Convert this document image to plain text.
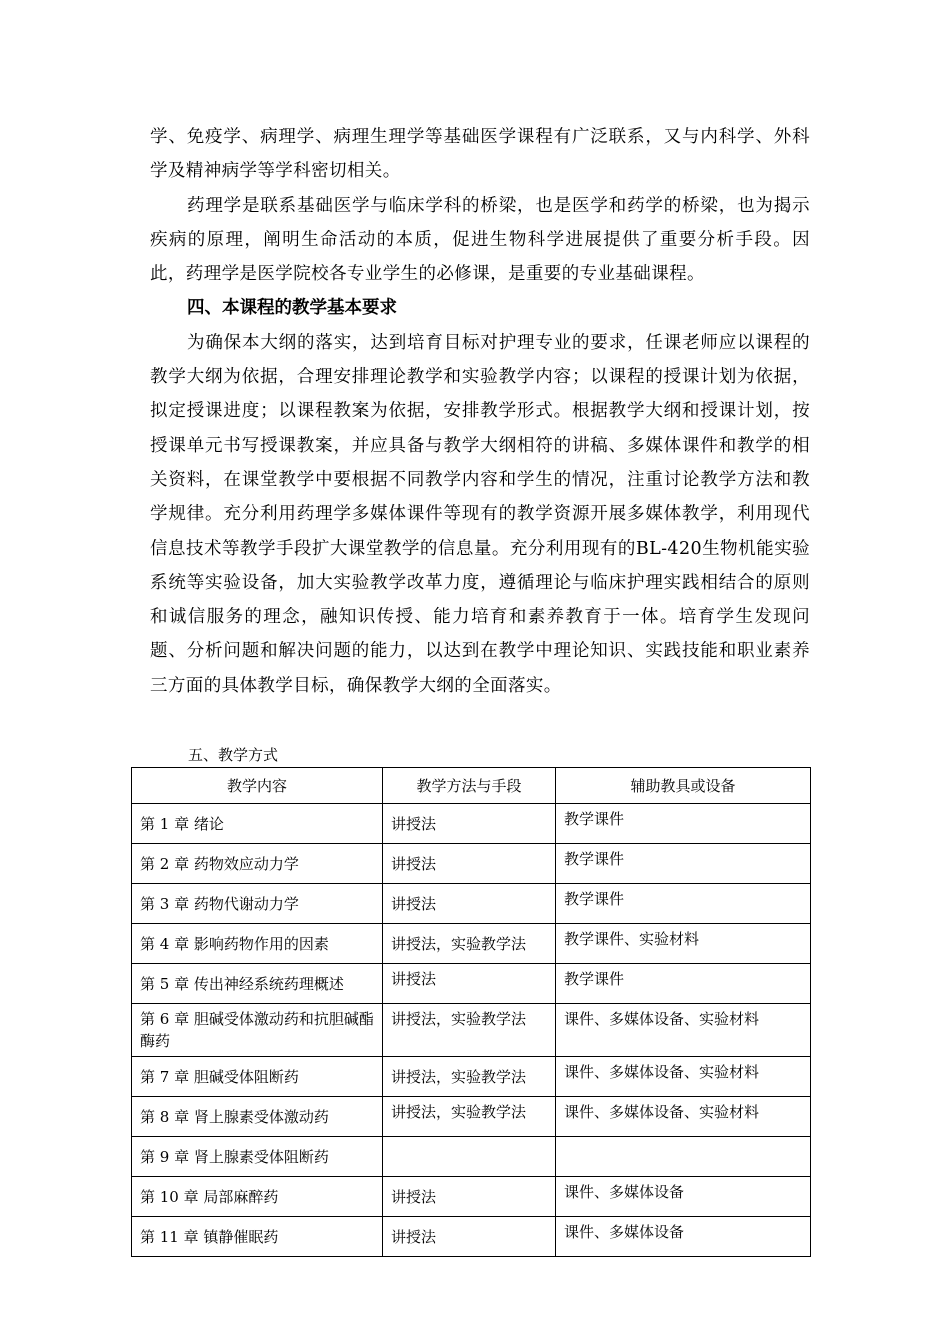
学、免疫学、病理学、病理生理学等基础医学课程有广泛联系，又与内科学、外科学及精神病学等学科密切相关。

药理学是联系基础医学与临床学科的桥梁，也是医学和药学的桥梁，也为揭示疾病的原理，阐明生命活动的本质，促进生物科学进展提供了重要分析手段。因此，药理学是医学院校各专业学生的必修课，是重要的专业基础课程。

四、本课程的教学基本要求

为确保本大纲的落实，达到培育目标对护理专业的要求，任课老师应以课程的教学大纲为依据，合理安排理论教学和实验教学内容；以课程的授课计划为依据，拟定授课进度；以课程教案为依据，安排教学形式。根据教学大纲和授课计划，按授课单元书写授课教案，并应具备与教学大纲相符的讲稿、多媒体课件和教学的相关资料，在课堂教学中要根据不同教学内容和学生的情况，注重讨论教学方法和教学规律。充分利用药理学多媒体课件等现有的教学资源开展多媒体教学，利用现代信息技术等教学手段扩大课堂教学的信息量。充分利用现有的BL-420生物机能实验系统等实验设备，加大实验教学改革力度，遵循理论与临床护理实践相结合的原则和诚信服务的理念，融知识传授、能力培育和素养教育于一体。培育学生发现问题、分析问题和解决问题的能力，以达到在教学中理论知识、实践技能和职业素养三方面的具体教学目标，确保教学大纲的全面落实。

五、教学方式
教学内容	教学方法与手段	辅助教具或设备
第 1 章 绪论	讲授法	教学课件
第 2 章 药物效应动力学	讲授法	教学课件
第 3 章 药物代谢动力学	讲授法	教学课件
第 4 章 影响药物作用的因素	讲授法，实验教学法	教学课件、实验材料
第 5 章 传出神经系统药理概述	讲授法	教学课件
第 6 章 胆碱受体激动药和抗胆碱酯酶药	讲授法，实验教学法	课件、多媒体设备、实验材料
第 7 章 胆碱受体阻断药	讲授法，实验教学法	课件、多媒体设备、实验材料
第 8 章 肾上腺素受体激动药	讲授法，实验教学法	课件、多媒体设备、实验材料
第 9 章 肾上腺素受体阻断药		
第 10 章 局部麻醉药	讲授法	课件、多媒体设备
第 11 章 镇静催眠药	讲授法	课件、多媒体设备
